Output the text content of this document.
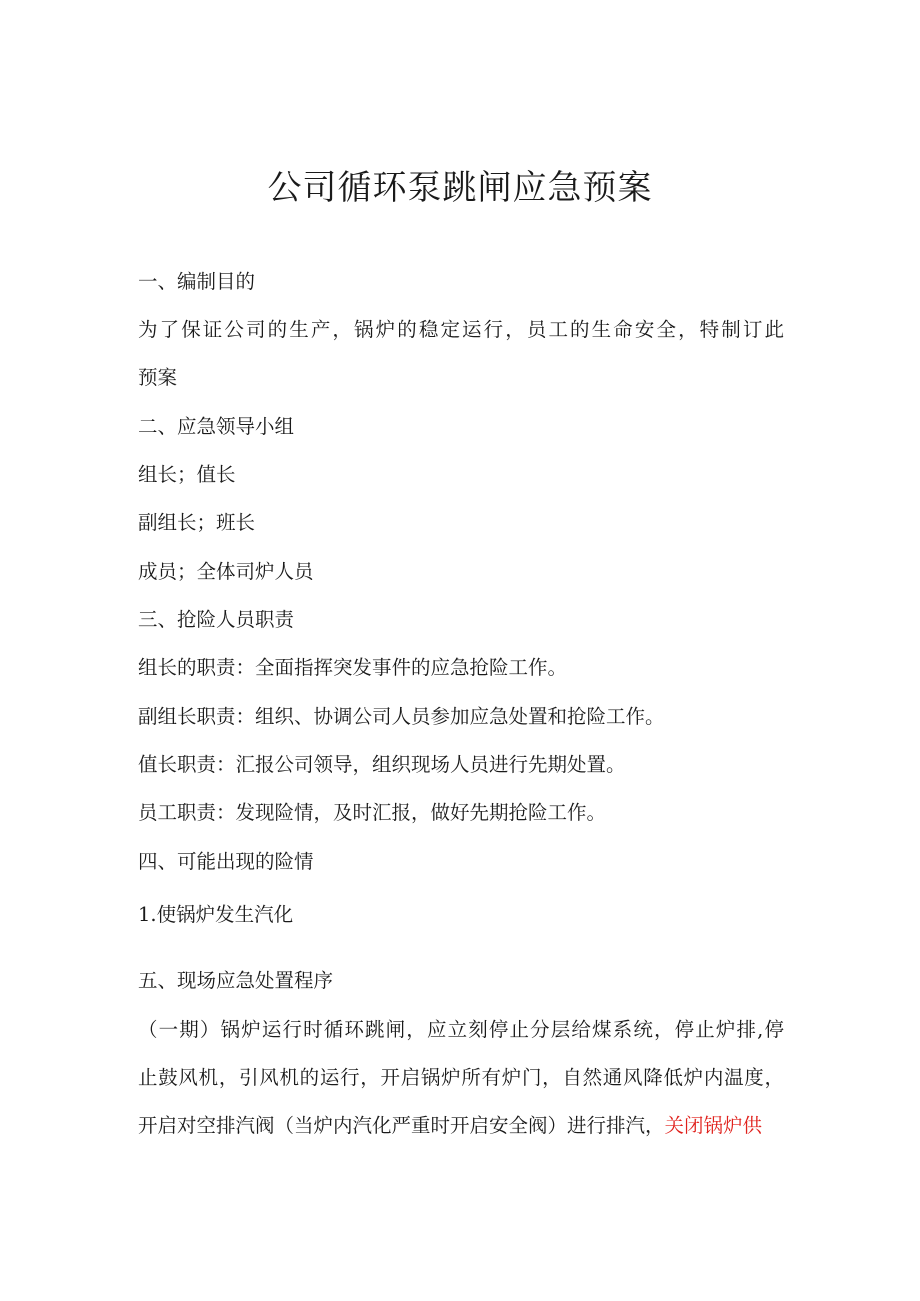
公司循环泵跳闸应急预案
一、编制目的
为了保证公司的生产，锅炉的稳定运行，员工的生命安全，特制订此
预案
二、应急领导小组
组长；值长
副组长；班长
成员；全体司炉人员
三、抢险人员职责
组长的职责：全面指挥突发事件的应急抢险工作。
副组长职责：组织、协调公司人员参加应急处置和抢险工作。
值长职责：汇报公司领导，组织现场人员进行先期处置。
员工职责：发现险情，及时汇报，做好先期抢险工作。
四、可能出现的险情
1.使锅炉发生汽化
五、现场应急处置程序
（一期）锅炉运行时循环跳闸，应立刻停止分层给煤系统，停止炉排,停
止鼓风机，引风机的运行，开启锅炉所有炉门，自然通风降低炉内温度，
开启对空排汽阀（当炉内汽化严重时开启安全阀）进行排汽，关闭锅炉供
